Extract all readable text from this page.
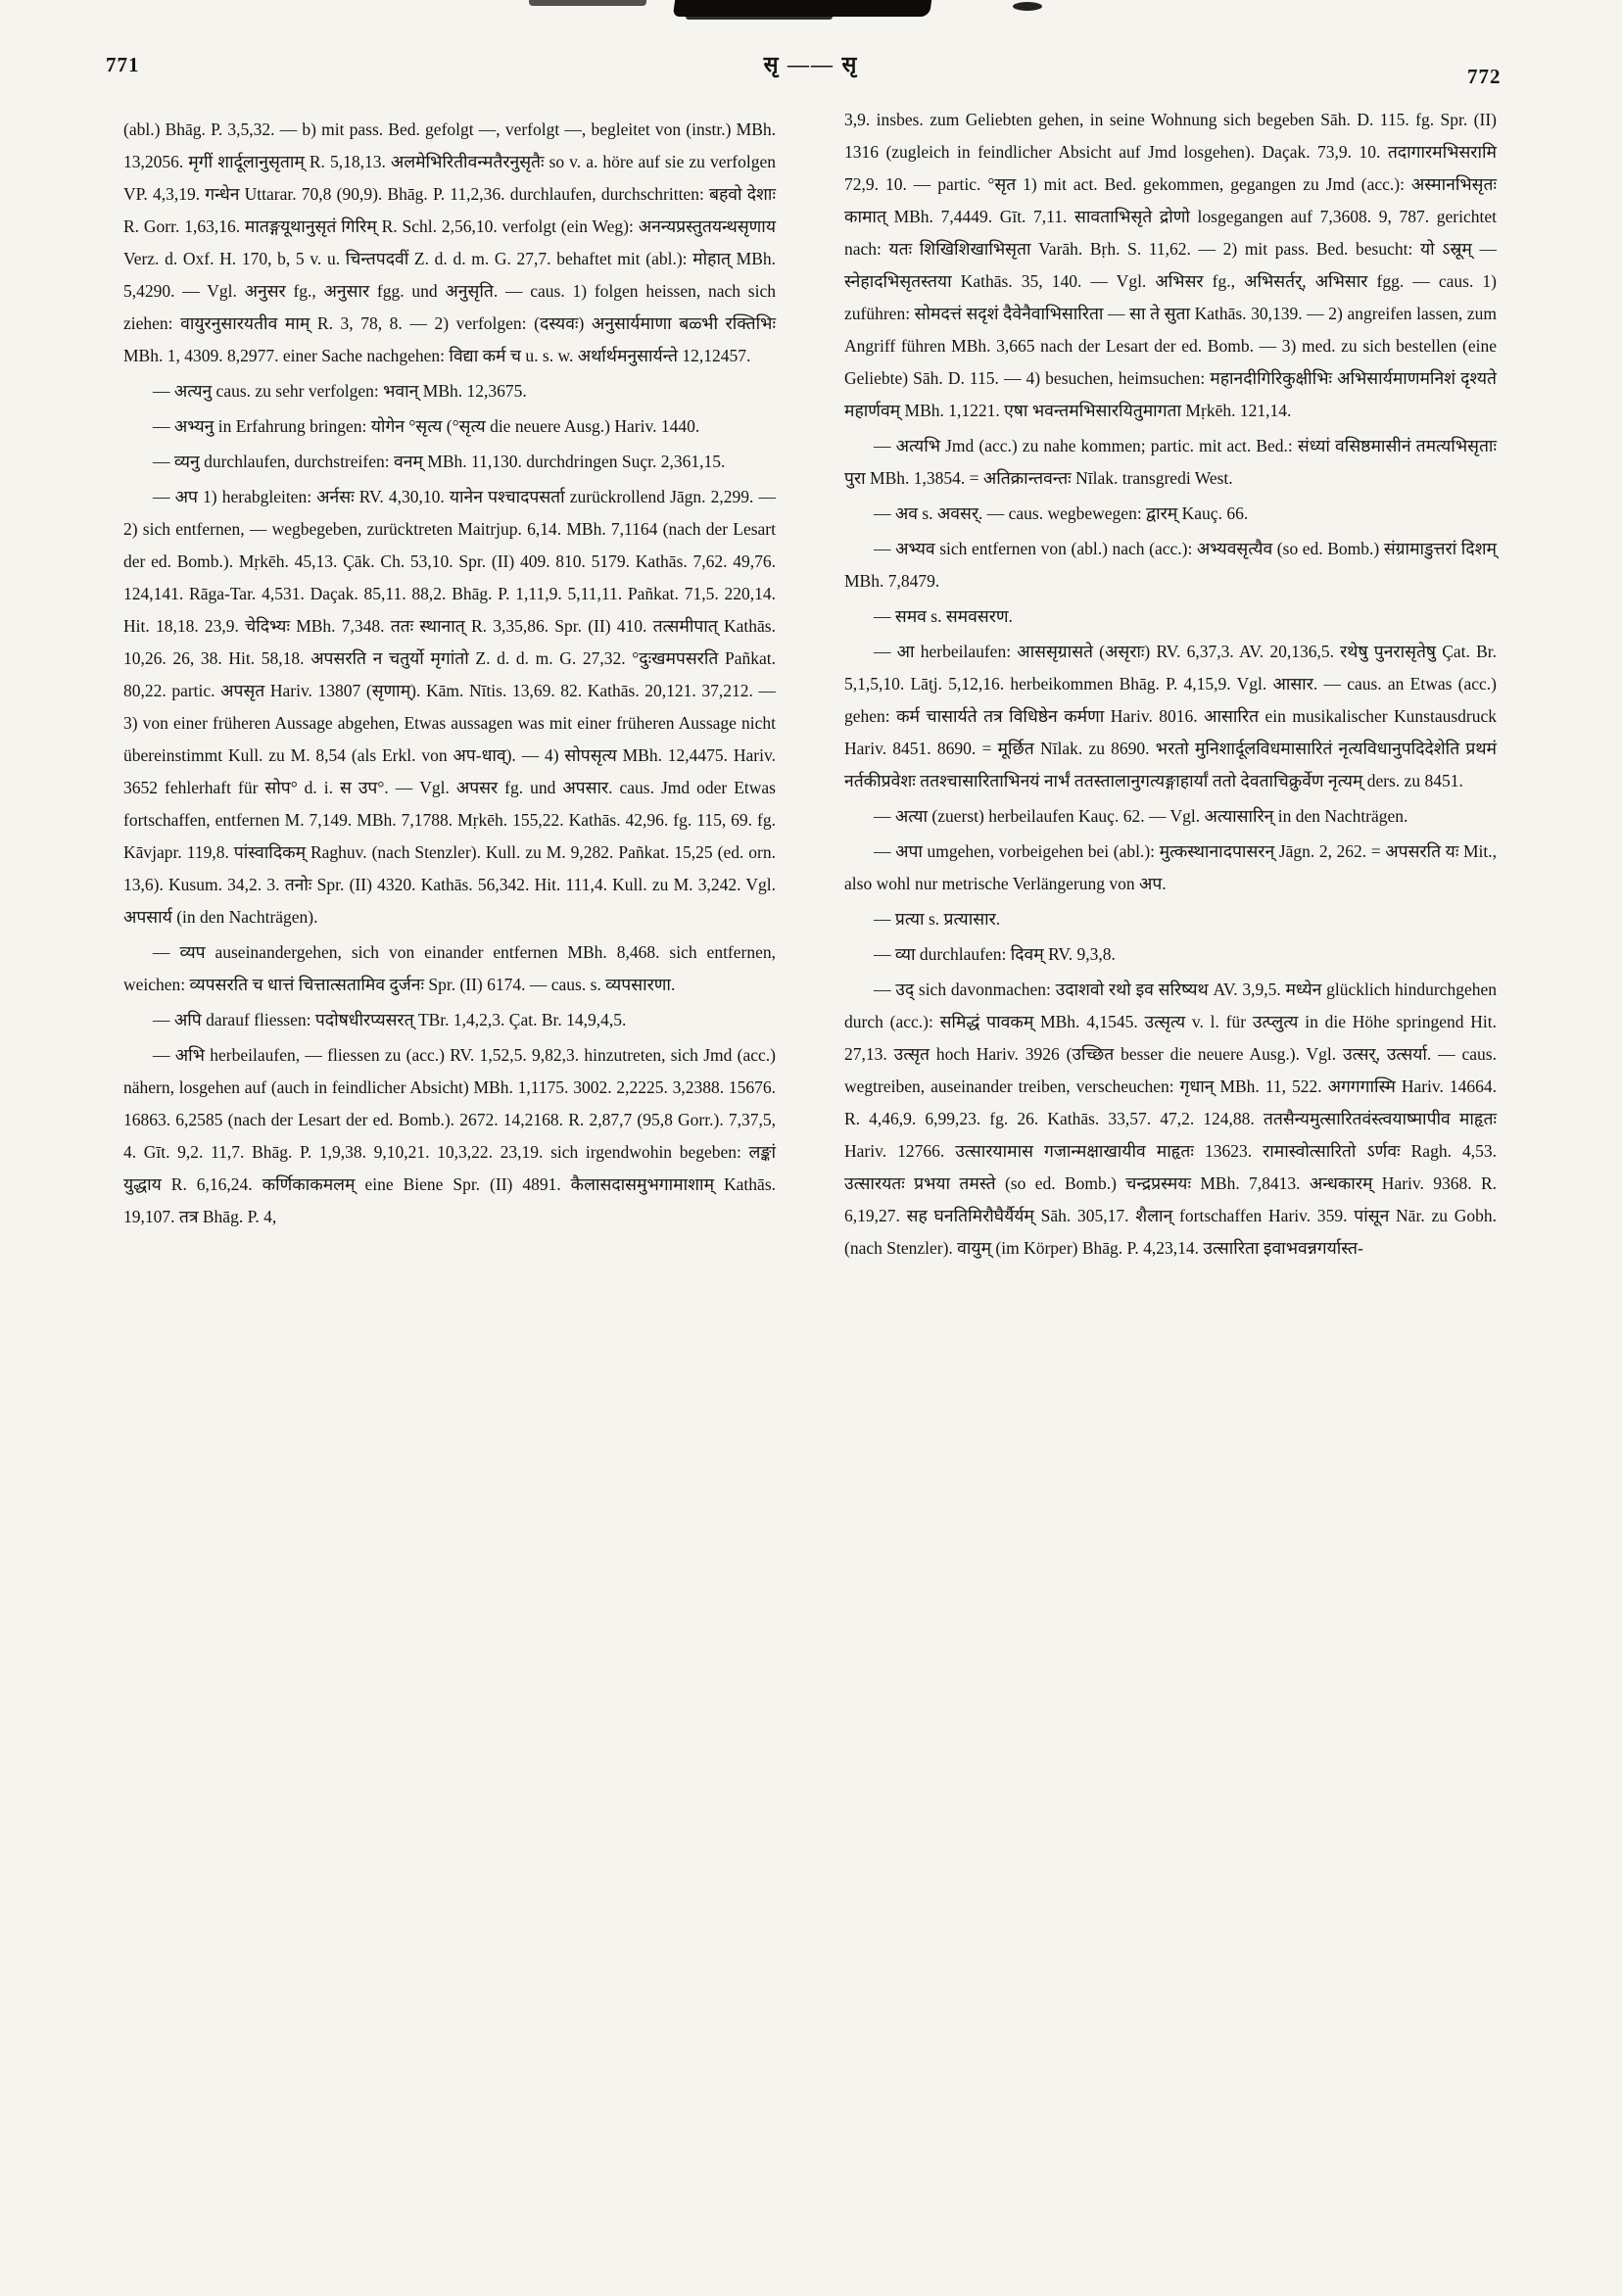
771	सृ —— सृ	772

(abl.) Bhāg. P. 3,5,32. — b) mit pass. Bed. gefolgt —, verfolgt —, begleitet von (instr.) MBh. 13,2056. मृगीं शार्दूलानुसृताम् R. 5,18,13. अलमेभिरितीवन्मतैरनुसृतैः so v. a. höre auf sie zu verfolgen VP. 4,3,19. गन्धेन Uttarar. 70,8 (90,9). Bhāg. P. 11,2,36. durchlaufen, durchschritten: बहवो देशाः R. Gorr. 1,63,16. मातङ्गयूथानुसृतं गिरिम् R. Schl. 2,56,10. verfolgt (ein Weg): अनन्यप्रस्तुतयन्थसृणाय Verz. d. Oxf. H. 170, b, 5 v. u. चिन्तपदवीं Z. d. d. m. G. 27,7. behaftet mit (abl.): मोहात् MBh. 5,4290. — Vgl. अनुसर fg., अनुसार fgg. und अनुसृति. — caus. 1) folgen heissen, nach sich ziehen: वायुरनुसारयतीव माम् R. 3, 78, 8. — 2) verfolgen: (दस्यवः) अनुसार्यमाणा बळ्भी रक्तिभिः MBh. 1, 4309. 8,2977. einer Sache nachgehen: विद्या कर्म च u. s. w. अर्थार्थमनुसार्यन्ते 12,12457.

— अत्यनु caus. zu sehr verfolgen: भवान् MBh. 12,3675.

— अभ्यनु in Erfahrung bringen: योगेन °सृत्य (°सृत्य die neuere Ausg.) Hariv. 1440.

— व्यनु durchlaufen, durchstreifen: वनम् MBh. 11,130. durchdringen Suçr. 2,361,15.

— अप 1) herabgleiten: अर्नसः RV. 4,30,10. यानेन पश्चादपसर्ता zurückrollend Jāgn. 2,299. — 2) sich entfernen, — wegbegeben, zurücktreten Maitrjup. 6,14. MBh. 7,1164 (nach der Lesart der ed. Bomb.). Mṛkēh. 45,13. Çāk. Ch. 53,10. Spr. (II) 409. 810. 5179. Kathās. 7,62. 49,76. 124,141. Rāga-Tar. 4,531. Daçak. 85,11. 88,2. Bhāg. P. 1,11,9. 5,11,11. Pañkat. 71,5. 220,14. Hit. 18,18. 23,9. चेदिभ्यः MBh. 7,348. ततः स्थानात् R. 3,35,86. Spr. (II) 410. तत्समीपात् Kathās. 10,26. 26, 38. Hit. 58,18. अपसरति न चतुर्यो मृगांतो Z. d. d. m. G. 27,32. °दुःखमपसरति Pañkat. 80,22. partic. अपसृत Hariv. 13807 (सृणाम्). Kām. Nītis. 13,69. 82. Kathās. 20,121. 37,212. — 3) von einer früheren Aussage abgehen, Etwas aussagen was mit einer früheren Aussage nicht übereinstimmt Kull. zu M. 8,54 (als Erkl. von अप-धाव्). — 4) सोपसृत्य MBh. 12,4475. Hariv. 3652 fehlerhaft für सोप° d. i. स उप°. — Vgl. अपसर fg. und अपसार. caus. Jmd oder Etwas fortschaffen, entfernen M. 7,149. MBh. 7,1788. Mṛkēh. 155,22. Kathās. 42,96. fg. 115, 69. fg. Kāvjapr. 119,8. पांस्वादिकम् Raghuv. (nach Stenzler). Kull. zu M. 9,282. Pañkat. 15,25 (ed. orn. 13,6). Kusum. 34,2. 3. तनोः Spr. (II) 4320. Kathās. 56,342. Hit. 111,4. Kull. zu M. 3,242. Vgl. अपसार्य (in den Nachträgen).

— व्यप auseinandergehen, sich von einander entfernen MBh. 8,468. sich entfernen, weichen: व्यपसरति च धात्तं चित्तात्सतामिव दुर्जनः Spr. (II) 6174. — caus. s. व्यपसारणा.

— अपि darauf fliessen: पदोषधीरप्यसरत् TBr. 1,4,2,3. Çat. Br. 14,9,4,5.

— अभि herbeilaufen, — fliessen zu (acc.) RV. 1,52,5. 9,82,3. hinzutreten, sich Jmd (acc.) nähern, losgehen auf (auch in feindlicher Absicht) MBh. 1,1175. 3002. 2,2225. 3,2388. 15676. 16863. 6,2585 (nach der Lesart der ed. Bomb.). 2672. 14,2168. R. 2,87,7 (95,8 Gorr.). 7,37,5, 4. Gīt. 9,2. 11,7. Bhāg. P. 1,9,38. 9,10,21. 10,3,22. 23,19. sich irgendwohin begeben: लङ्कां युद्धाय R. 6,16,24. कर्णिकाकमलम् eine Biene Spr. (II) 4891. कैलासदासमुभगामाशाम् Kathās. 19,107. तत्र Bhāg. P. 4,

3,9. insbes. zum Geliebten gehen, in seine Wohnung sich begeben Sāh. D. 115. fg. Spr. (II) 1316 (zugleich in feindlicher Absicht auf Jmd losgehen). Daçak. 73,9. 10. तदागारमभिसरामि 72,9. 10. — partic. °सृत 1) mit act. Bed. gekommen, gegangen zu Jmd (acc.): अस्मानभिसृतः कामात् MBh. 7,4449. Gīt. 7,11. सावताभिसृते द्रोणो losgegangen auf 7,3608. 9, 787. gerichtet nach: यतः शिखिशिखाभिसृता Varāh. Bṛh. S. 11,62. — 2) mit pass. Bed. besucht: यो ऽस्रूम् — स्नेहादभिसृतस्तया Kathās. 35, 140. — Vgl. अभिसर fg., अभिसर्तर्, अभिसार fgg. — caus. 1) zuführen: सोमदत्तं सदृशं दैवेनैवाभिसारिता — सा ते सुता Kathās. 30,139. — 2) angreifen lassen, zum Angriff führen MBh. 3,665 nach der Lesart der ed. Bomb. — 3) med. zu sich bestellen (eine Geliebte) Sāh. D. 115. — 4) besuchen, heimsuchen: महानदीगिरिकुक्षीभिः अभिसार्यमाणमनिशं दृश्यते महार्णवम् MBh. 1,1221. एषा भवन्तमभिसारयितुमागता Mṛkēh. 121,14.

— अत्यभि Jmd (acc.) zu nahe kommen; partic. mit act. Bed.: संध्यां वसिष्ठमासीनं तमत्यभिसृताः पुरा MBh. 1,3854. = अतिक्रान्तवन्तः Nīlak. transgredi West.

— अव s. अवसर्. — caus. wegbewegen: द्वारम् Kauç. 66.

— अभ्यव sich entfernen von (abl.) nach (acc.): अभ्यवसृत्यैव (so ed. Bomb.) संग्रामाडुत्तरां दिशम् MBh. 7,8479.

— समव s. समवसरण.

— आ herbeilaufen: आससृग्रासते (असृराः) RV. 6,37,3. AV. 20,136,5. रथेषु पुनरासृतेषु Çat. Br. 5,1,5,10. Lāṭj. 5,12,16. herbeikommen Bhāg. P. 4,15,9. Vgl. आसार. — caus. an Etwas (acc.) gehen: कर्म चासार्यते तत्र विधिष्ठेन कर्मणा Hariv. 8016. आसारित ein musikalischer Kunstausdruck Hariv. 8451. 8690. = मूर्छित Nīlak. zu 8690. भरतो मुनिशार्दूलविधमासारितं नृत्यविधानुपदिदेशेति प्रथमं नर्तकीप्रवेशः ततश्चासारिताभिनयं नार्भं ततस्तालानुगत्यङ्गाहार्यां ततो देवताचिक्रुर्वेण नृत्यम् ders. zu 8451.

— अत्या (zuerst) herbeilaufen Kauç. 62. — Vgl. अत्यासारिन् in den Nachträgen.

— अपा umgehen, vorbeigehen bei (abl.): मुत्कस्थानादपासरन् Jāgn. 2, 262. = अपसरति यः Mit., also wohl nur metrische Verlängerung von अप.

— प्रत्या s. प्रत्यासार.

— व्या durchlaufen: दिवम् RV. 9,3,8.

— उद् sich davonmachen: उदाशवो रथो इव सरिष्यथ AV. 3,9,5. मध्येन glücklich hindurchgehen durch (acc.): समिद्धं पावकम् MBh. 4,1545. उत्सृत्य v. l. für उत्प्लुत्य in die Höhe springend Hit. 27,13. उत्सृत hoch Hariv. 3926 (उच्छित besser die neuere Ausg.). Vgl. उत्सर्, उत्सर्या. — caus. wegtreiben, auseinander treiben, verscheuchen: गृधान् MBh. 11, 522. अगगगास्मि Hariv. 14664. R. 4,46,9. 6,99,23. fg. 26. Kathās. 33,57. 47,2. 124,88. ततसैन्यमुत्सारितवंस्त्वयाष्मापीव माहृतः Hariv. 12766. उत्सारयामास गजान्मक्षाखायीव माहृतः 13623. रामास्वोत्सारितो ऽर्णवः Ragh. 4,53. उत्सारयतः प्रभया तमस्ते (so ed. Bomb.) चन्द्रप्रस्मयः MBh. 7,8413. अन्धकारम् Hariv. 9368. R. 6,19,27. सह घनतिमिरौघैर्यैर्यम् Sāh. 305,17. शैलान् fortschaffen Hariv. 359. पांसून Nār. zu Gobh. (nach Stenzler). वायुम् (im Körper) Bhāg. P. 4,23,14. उत्सारिता इवाभवन्नगर्यास्त-
